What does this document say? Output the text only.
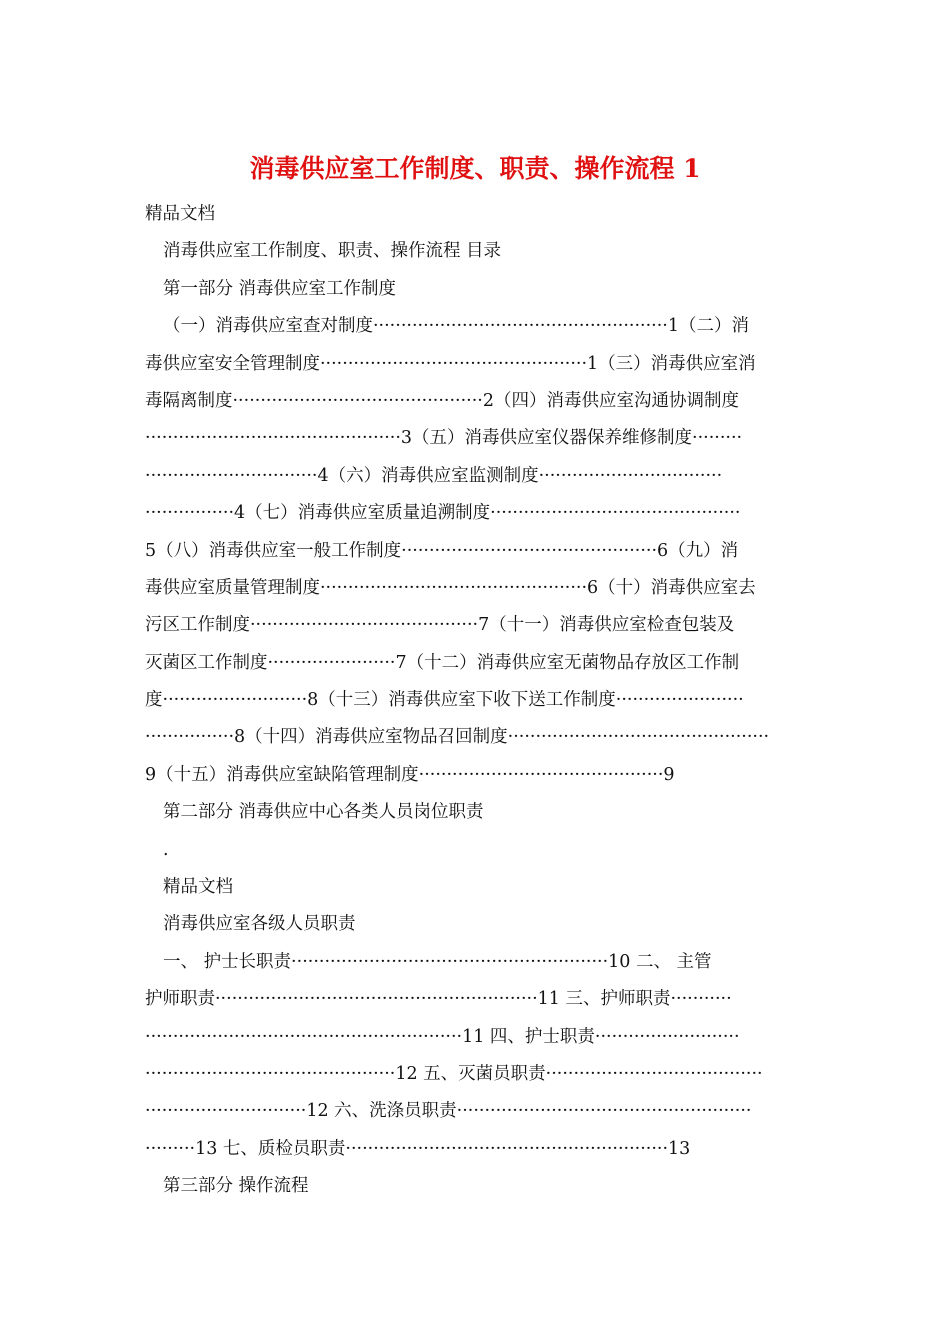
消毒供应室工作制度、职责、操作流程 1
精品文档
消毒供应室工作制度、职责、操作流程 目录
第一部分 消毒供应室工作制度
（一）消毒供应室查对制度·····················································1（二）消
毒供应室安全管理制度················································1（三）消毒供应室消
毒隔离制度·············································2（四）消毒供应室沟通协调制度
··············································3（五）消毒供应室仪器保养维修制度·········
·······························4（六）消毒供应室监测制度·································
················4（七）消毒供应室质量追溯制度·············································
5（八）消毒供应室一般工作制度··············································6（九）消
毒供应室质量管理制度················································6（十）消毒供应室去
污区工作制度·········································7（十一）消毒供应室检查包装及
灭菌区工作制度·······················7（十二）消毒供应室无菌物品存放区工作制
度··························8（十三）消毒供应室下收下送工作制度·······················
················8（十四）消毒供应室物品召回制度···············································
9（十五）消毒供应室缺陷管理制度············································9
第二部分 消毒供应中心各类人员岗位职责
.
精品文档
消毒供应室各级人员职责
一、 护士长职责·························································10 二、 主管
护师职责··························································11 三、护师职责···········
·························································11 四、护士职责··························
·············································12 五、灭菌员职责·······································
·····························12 六、洗涤员职责·····················································
·········13 七、质检员职责··························································13
第三部分 操作流程
